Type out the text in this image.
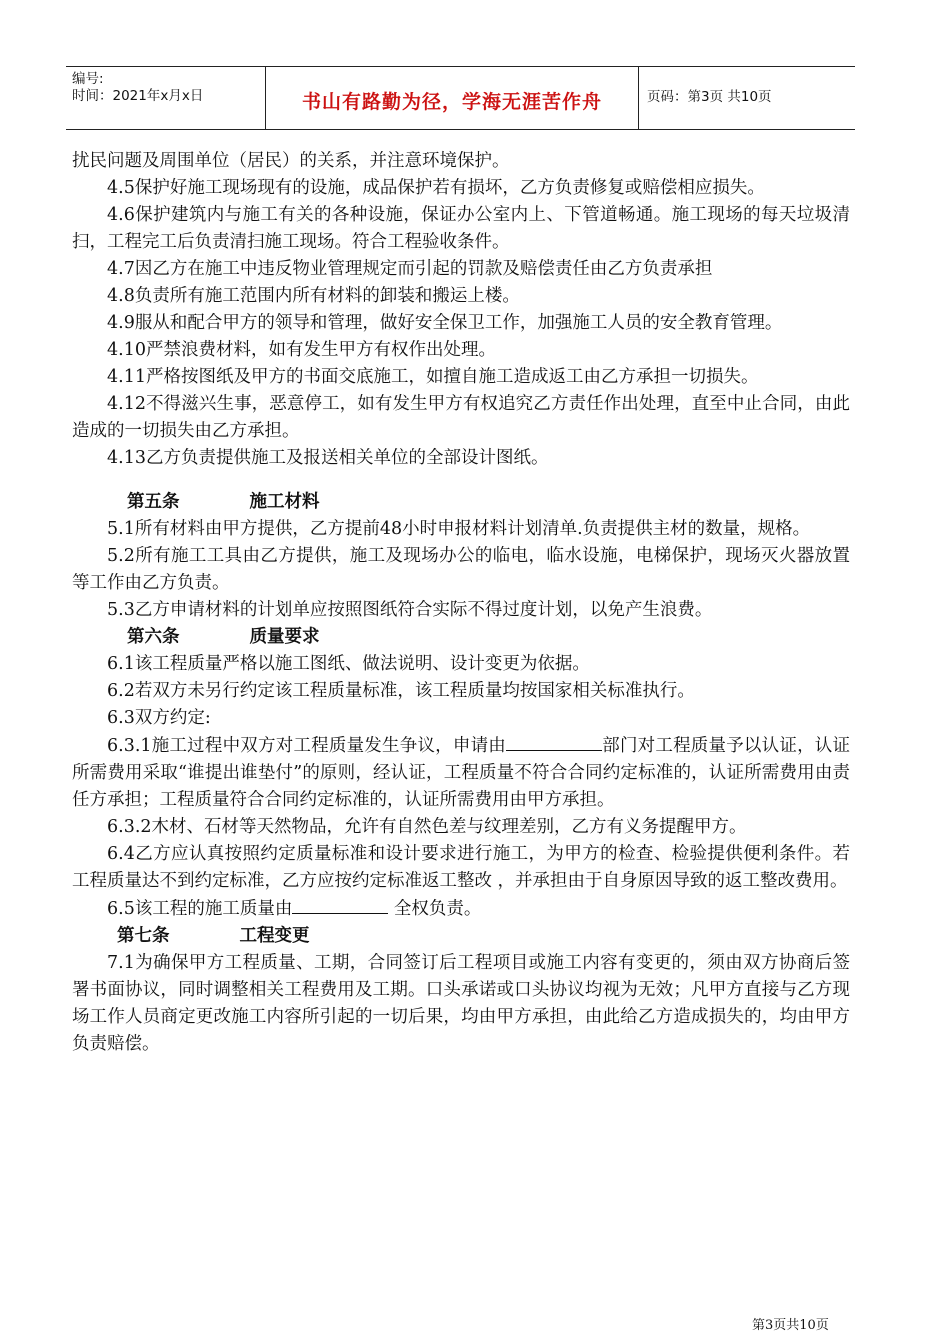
编号:
时间：2021年x月x日	书山有路勤为径，学海无涯苦作舟	页码：第3页 共10页

扰民问题及周围单位（居民）的关系，并注意环境保护。

4.5保护好施工现场现有的设施，成品保护若有损坏，乙方负责修复或赔偿相应损失。

4.6保护建筑内与施工有关的各种设施，保证办公室内上、下管道畅通。施工现场的每天垃圾清扫，工程完工后负责清扫施工现场。符合工程验收条件。

4.7因乙方在施工中违反物业管理规定而引起的罚款及赔偿责任由乙方负责承担

4.8负责所有施工范围内所有材料的卸装和搬运上楼。

4.9服从和配合甲方的领导和管理，做好安全保卫工作，加强施工人员的安全教育管理。

4.10严禁浪费材料，如有发生甲方有权作出处理。

4.11严格按图纸及甲方的书面交底施工，如擅自施工造成返工由乙方承担一切损失。

4.12不得滋兴生事，恶意停工，如有发生甲方有权追究乙方责任作出处理，直至中止合同，由此造成的一切损失由乙方承担。

4.13乙方负责提供施工及报送相关单位的全部设计图纸。

第五条	施工材料

5.1所有材料由甲方提供，乙方提前48小时申报材料计划清单.负责提供主材的数量，规格。

5.2所有施工工具由乙方提供，施工及现场办公的临电，临水设施，电梯保护，现场灭火器放置等工作由乙方负责。

5.3乙方申请材料的计划单应按照图纸符合实际不得过度计划，以免产生浪费。

第六条	质量要求

6.1该工程质量严格以施工图纸、做法说明、设计变更为依据。

6.2若双方未另行约定该工程质量标准，该工程质量均按国家相关标准执行。

6.3双方约定:

6.3.1施工过程中双方对工程质量发生争议，申请由	部门对工程质量予以认证，认证所需费用采取“谁提出谁垫付”的原则，经认证，工程质量不符合合同约定标准的，认证所需费用由责任方承担；工程质量符合合同约定标准的，认证所需费用由甲方承担。

6.3.2木材、石材等天然物品，允许有自然色差与纹理差别，乙方有义务提醒甲方。

6.4乙方应认真按照约定质量标准和设计要求进行施工，为甲方的检查、检验提供便利条件。若工程质量达不到约定标准，乙方应按约定标准返工整改 ，并承担由于自身原因导致的返工整改费用。

6.5该工程的施工质量由	全权负责。

第七条	工程变更

7.1为确保甲方工程质量、工期，合同签订后工程项目或施工内容有变更的，须由双方协商后签署书面协议，同时调整相关工程费用及工期。口头承诺或口头协议均视为无效；凡甲方直接与乙方现场工作人员商定更改施工内容所引起的一切后果，均由甲方承担，由此给乙方造成损失的，均由甲方负责赔偿。

第3页共10页
